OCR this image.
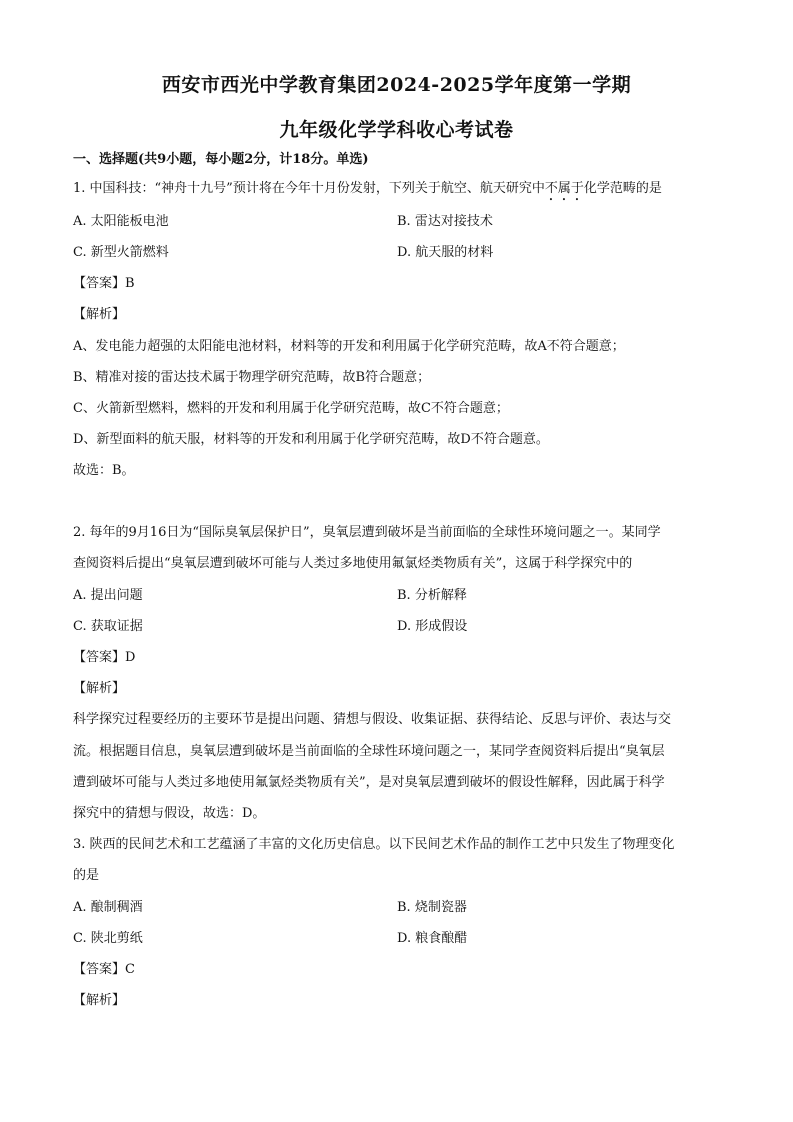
西安市西光中学教育集团2024-2025学年度第一学期
九年级化学学科收心考试卷
一、选择题(共9小题，每小题2分，计18分。单选)
1. 中国科技：“神舟十九号”预计将在今年十月份发射，下列关于航空、航天研究中不属于化学范畴的是
A. 太阳能板电池	B. 雷达对接技术
C. 新型火箭燃料	D. 航天服的材料
【答案】B
【解析】
A、发电能力超强的太阳能电池材料，材料等的开发和利用属于化学研究范畴，故A不符合题意；
B、精准对接的雷达技术属于物理学研究范畴，故B符合题意；
C、火箭新型燃料，燃料的开发和利用属于化学研究范畴，故C不符合题意；
D、新型面料的航天服，材料等的开发和利用属于化学研究范畴，故D不符合题意。
故选：B。
2. 每年的9月16日为“国际臭氧层保护日”，臭氧层遭到破坏是当前面临的全球性环境问题之一。某同学
查阅资料后提出“臭氧层遭到破坏可能与人类过多地使用氟氯烃类物质有关”，这属于科学探究中的
A. 提出问题	B. 分析解释
C. 获取证据	D. 形成假设
【答案】D
【解析】
科学探究过程要经历的主要环节是提出问题、猜想与假设、收集证据、获得结论、反思与评价、表达与交
流。根据题目信息，臭氧层遭到破坏是当前面临的全球性环境问题之一，某同学查阅资料后提出“臭氧层
遭到破坏可能与人类过多地使用氟氯烃类物质有关”，是对臭氧层遭到破坏的假设性解释，因此属于科学
探究中的猜想与假设，故选：D。
3. 陕西的民间艺术和工艺蕴涵了丰富的文化历史信息。以下民间艺术作品的制作工艺中只发生了物理变化
的是
A. 酿制稠酒	B. 烧制瓷器
C. 陕北剪纸	D. 粮食酿醋
【答案】C
【解析】
